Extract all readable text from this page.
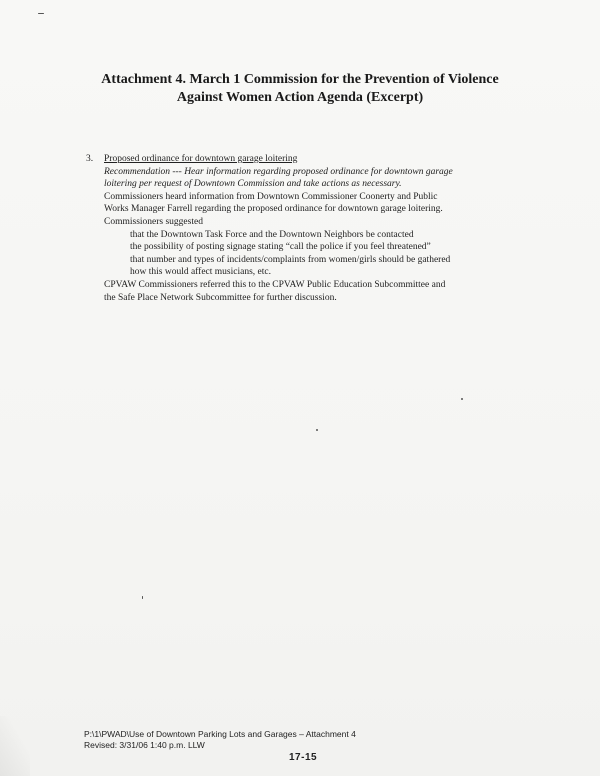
Attachment 4. March 1 Commission for the Prevention of Violence
Against Women Action Agenda (Excerpt)
3. Proposed ordinance for downtown garage loitering
Recommendation --- Hear information regarding proposed ordinance for downtown garage
loitering per request of Downtown Commission and take actions as necessary.
Commissioners heard information from Downtown Commissioner Coonerty and Public
Works Manager Farrell regarding the proposed ordinance for downtown garage loitering.
Commissioners suggested
that the Downtown Task Force and the Downtown Neighbors be contacted
the possibility of posting signage stating “call the police if you feel threatened”
that number and types of incidents/complaints from women/girls should be gathered
how this would affect musicians, etc.
CPVAW Commissioners referred this to the CPVAW Public Education Subcommittee and
the Safe Place Network Subcommittee for further discussion.
P:\1\PWAD\Use of Downtown Parking Lots and Garages – Attachment 4
Revised: 3/31/06 1:40 p.m. LLW
17-15
